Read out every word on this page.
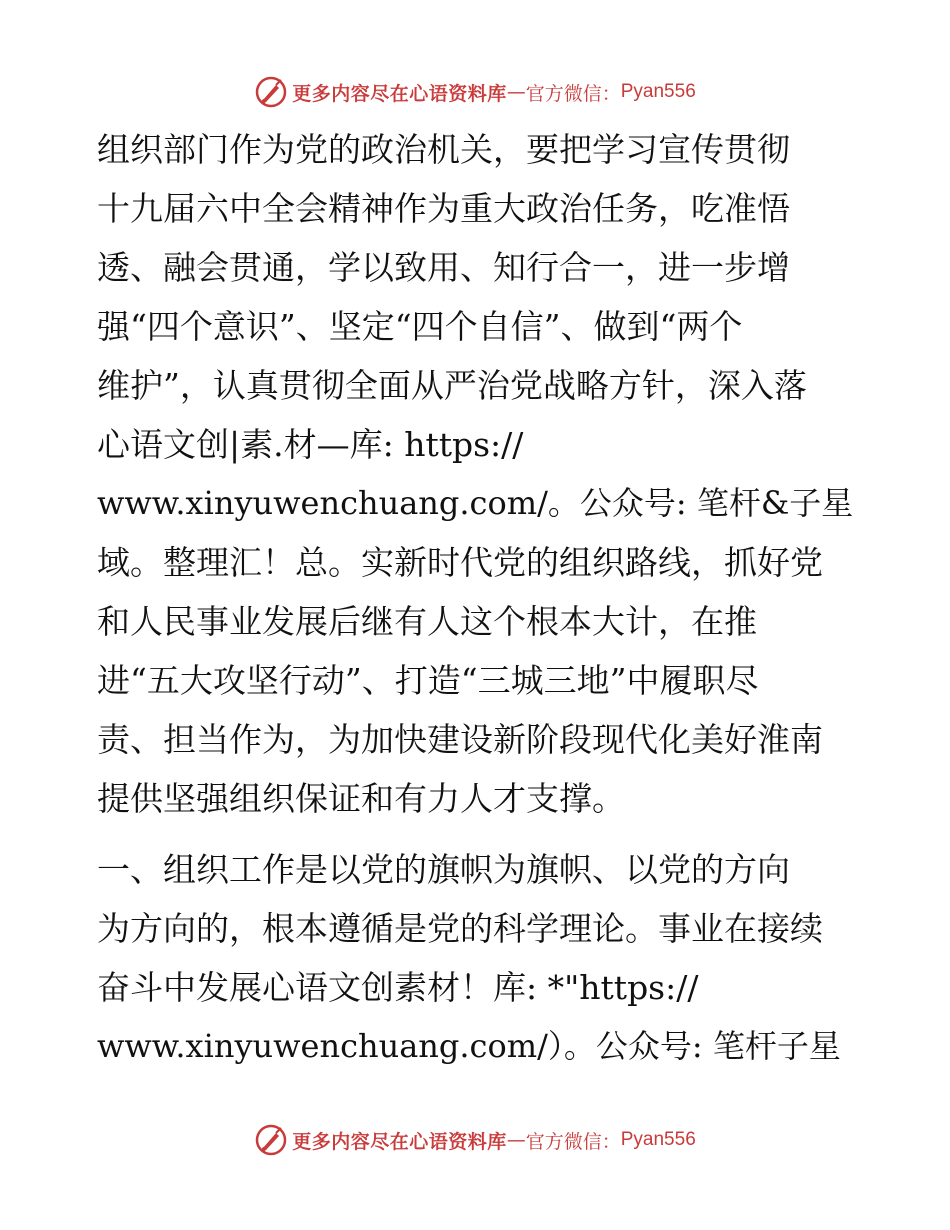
更多内容尽在心语资料库 — 官方微信： Pyan556
组织部门作为党的政治机关，要把学习宣传贯彻
十九届六中全会精神作为重大政治任务，吃准悟
透、融会贯通，学以致用、知行合一，进一步增
强“四个意识”、坚定“四个自信”、做到“两个
维护”，认真贯彻全面从严治党战略方针，深入落
心语文创|素.材—库: https://
www.xinyuwenchuang.com/。公众号: 笔杆&子星
域。整理汇！总。实新时代党的组织路线，抓好党
和人民事业发展后继有人这个根本大计，在推
进“五大攻坚行动”、打造“三城三地”中履职尽
责、担当作为，为加快建设新阶段现代化美好淮南
提供坚强组织保证和有力人才支撑。
一、组织工作是以党的旗帜为旗帜、以党的方向
为方向的，根本遵循是党的科学理论。事业在接续
奋斗中发展心语文创素材！库: *"https://
www.xinyuwenchuang.com/）。公众号: 笔杆子星
更多内容尽在心语资料库 — 官方微信： Pyan556
